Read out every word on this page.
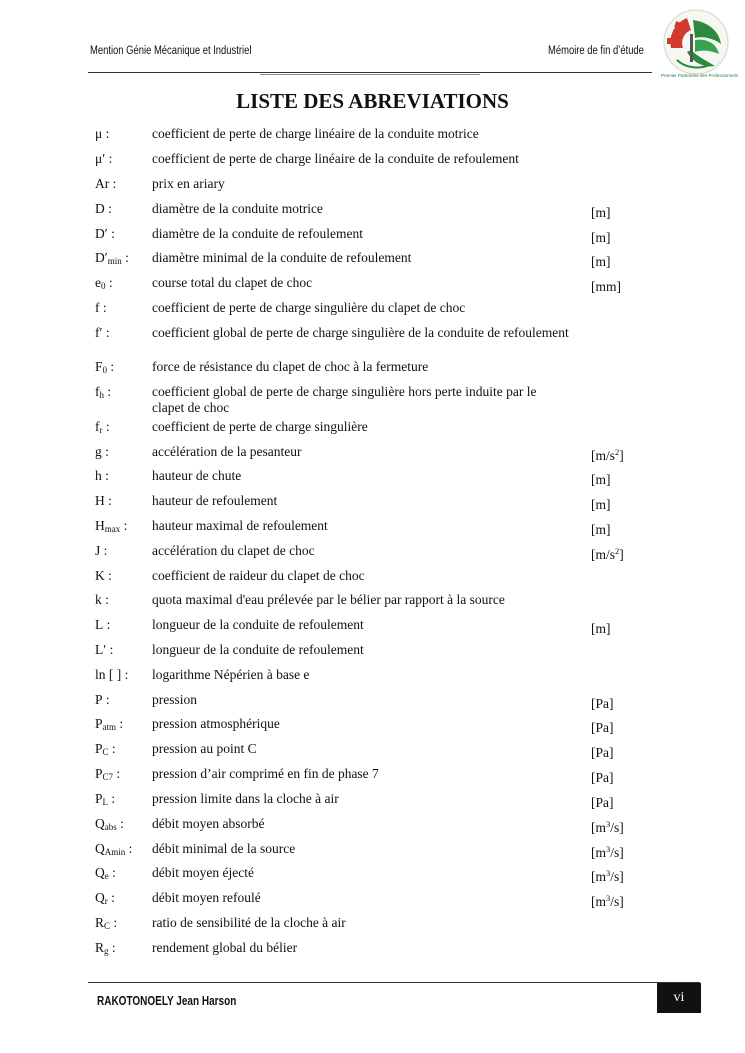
Mention Génie Mécanique et Industriel	Mémoire de fin d’étude
Premier Partenaire des Professionnels
LISTE DES ABREVIATIONS
μ :	coefficient de perte de charge linéaire de la conduite motrice
μ′ :	coefficient de perte de charge linéaire de la conduite de refoulement
Ar :	prix en ariary
D :	diamètre de la conduite motrice	[m]
D′ :	diamètre de la conduite de refoulement	[m]
$D'_{min}$ : diamètre minimal de la conduite de refoulement	[m]
$e_0$ :	course total du clapet de choc	[mm]
f :	coefficient de perte de charge singulière du clapet de choc
f′ :	coefficient global de perte de charge singulière de la conduite de refoulement
$F_0$ :	force de résistance du clapet de choc à la fermeture
$f_h$ :	coefficient global de perte de charge singulière hors perte induite par le clapet de choc
$f_r$ :	coefficient de perte de charge singulière
g :	accélération de la pesanteur	$[m/s^2]$
h :	hauteur de chute	[m]
H :	hauteur de refoulement	[m]
$H_{max}$ : hauteur maximal de refoulement	[m]
J :	accélération du clapet de choc	$[m/s^2]$
K :	coefficient de raideur du clapet de choc
k :	quota maximal d'eau prélevée par le bélier par rapport à la source
L :	longueur de la conduite de refoulement	[m]
L′ :	longueur de la conduite de refoulement
ln [ ] : logarithme Népérien à base e
P :	pression	[Pa]
$P_{atm}$ : pression atmosphérique	[Pa]
$P_C$ :	pression au point C	[Pa]
$P_{C7}$ : pression d’air comprimé en fin de phase 7	[Pa]
$P_L$ :	pression limite dans la cloche à air	[Pa]
$Q_{abs}$ : débit moyen absorbé	$[m^3/s]$
$Q_{Amin}$ : débit minimal de la source	$[m^3/s]$
$Q_e$ :	débit moyen éjecté	$[m^3/s]$
$Q_r$ :	débit moyen refoulé	$[m^3/s]$
$R_C$ :	ratio de sensibilité de la cloche à air
$R_g$ :	rendement global du bélier
RAKOTONOELY Jean Harson	vi
